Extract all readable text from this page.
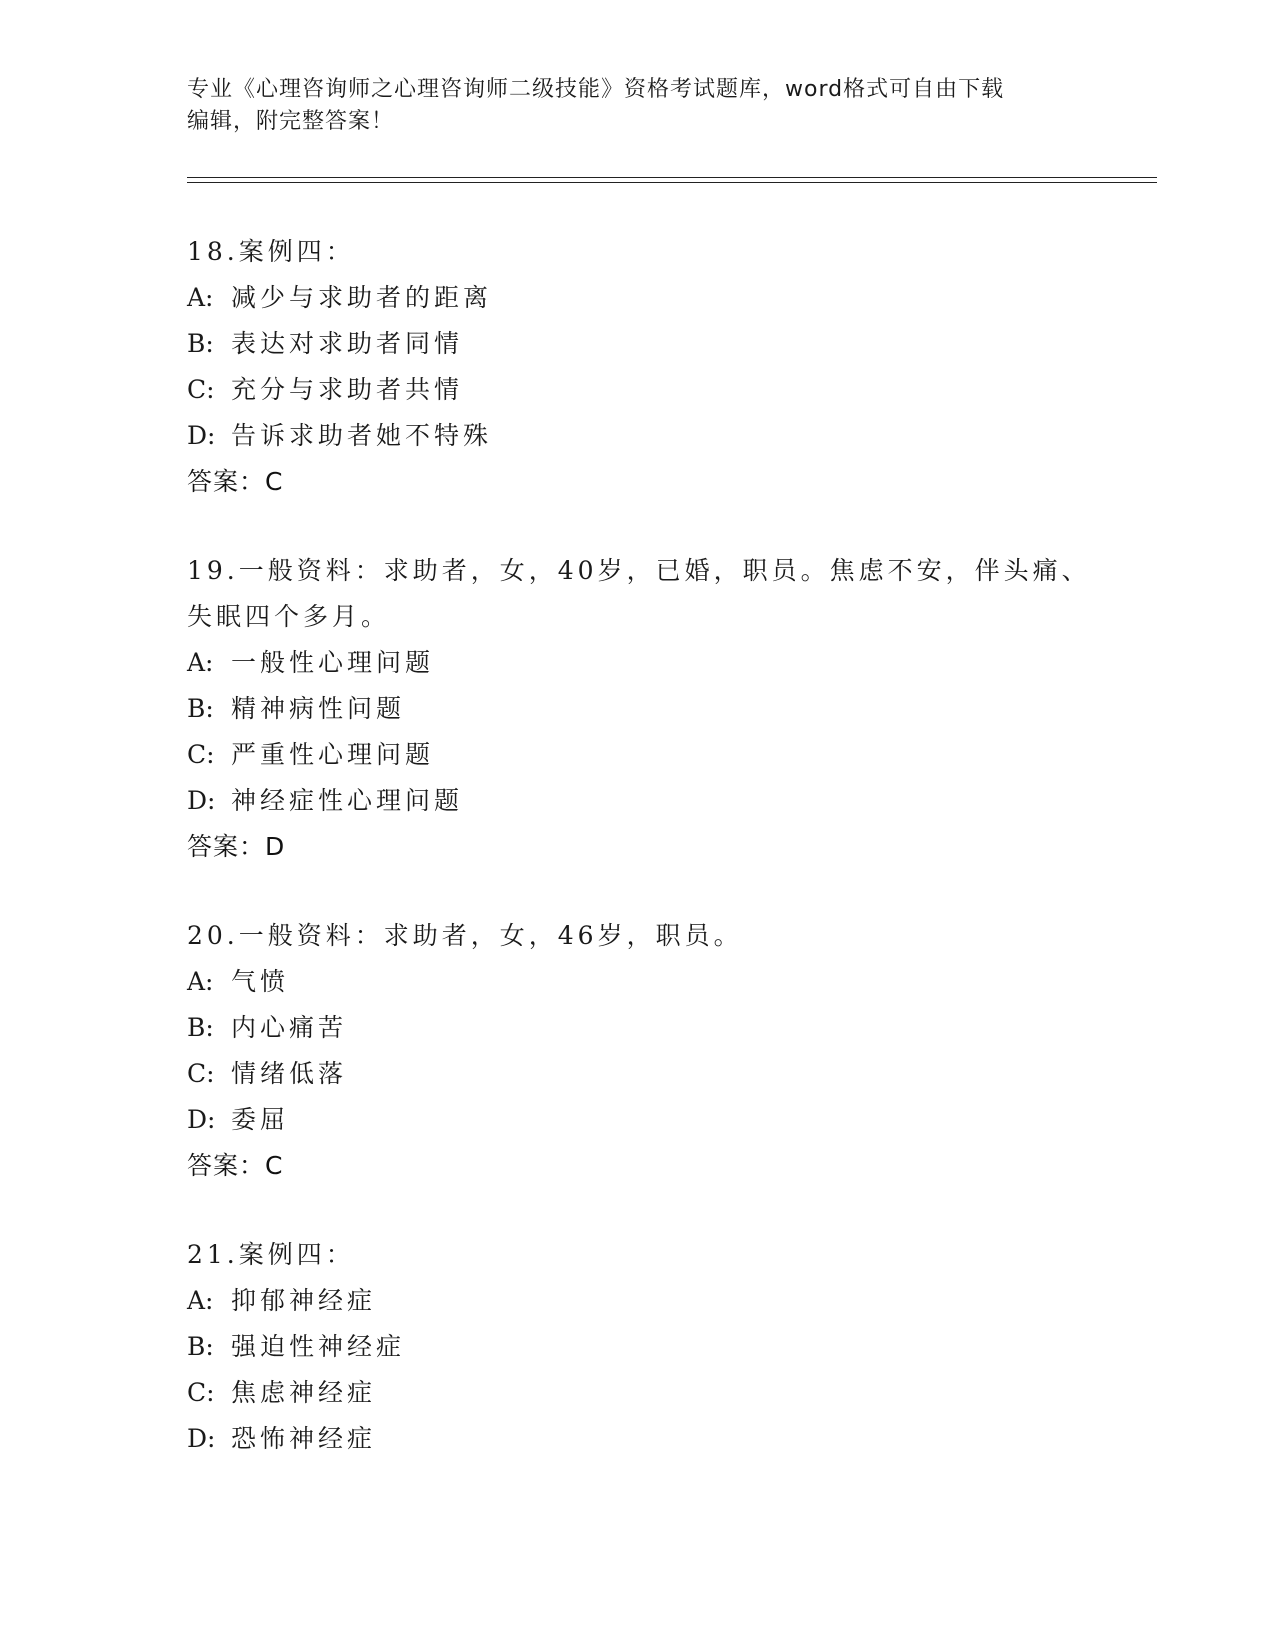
专业《心理咨询师之心理咨询师二级技能》资格考试题库，word格式可自由下载
编辑，附完整答案！
18.案例四：
A: 减少与求助者的距离
B: 表达对求助者同情
C: 充分与求助者共情
D: 告诉求助者她不特殊
答案：C
19.一般资料：求助者，女，40岁，已婚，职员。焦虑不安，伴头痛、
失眠四个多月。
A: 一般性心理问题
B: 精神病性问题
C: 严重性心理问题
D: 神经症性心理问题
答案：D
20.一般资料：求助者，女，46岁，职员。
A: 气愤
B: 内心痛苦
C: 情绪低落
D: 委屈
答案：C
21.案例四：
A: 抑郁神经症
B: 强迫性神经症
C: 焦虑神经症
D: 恐怖神经症
